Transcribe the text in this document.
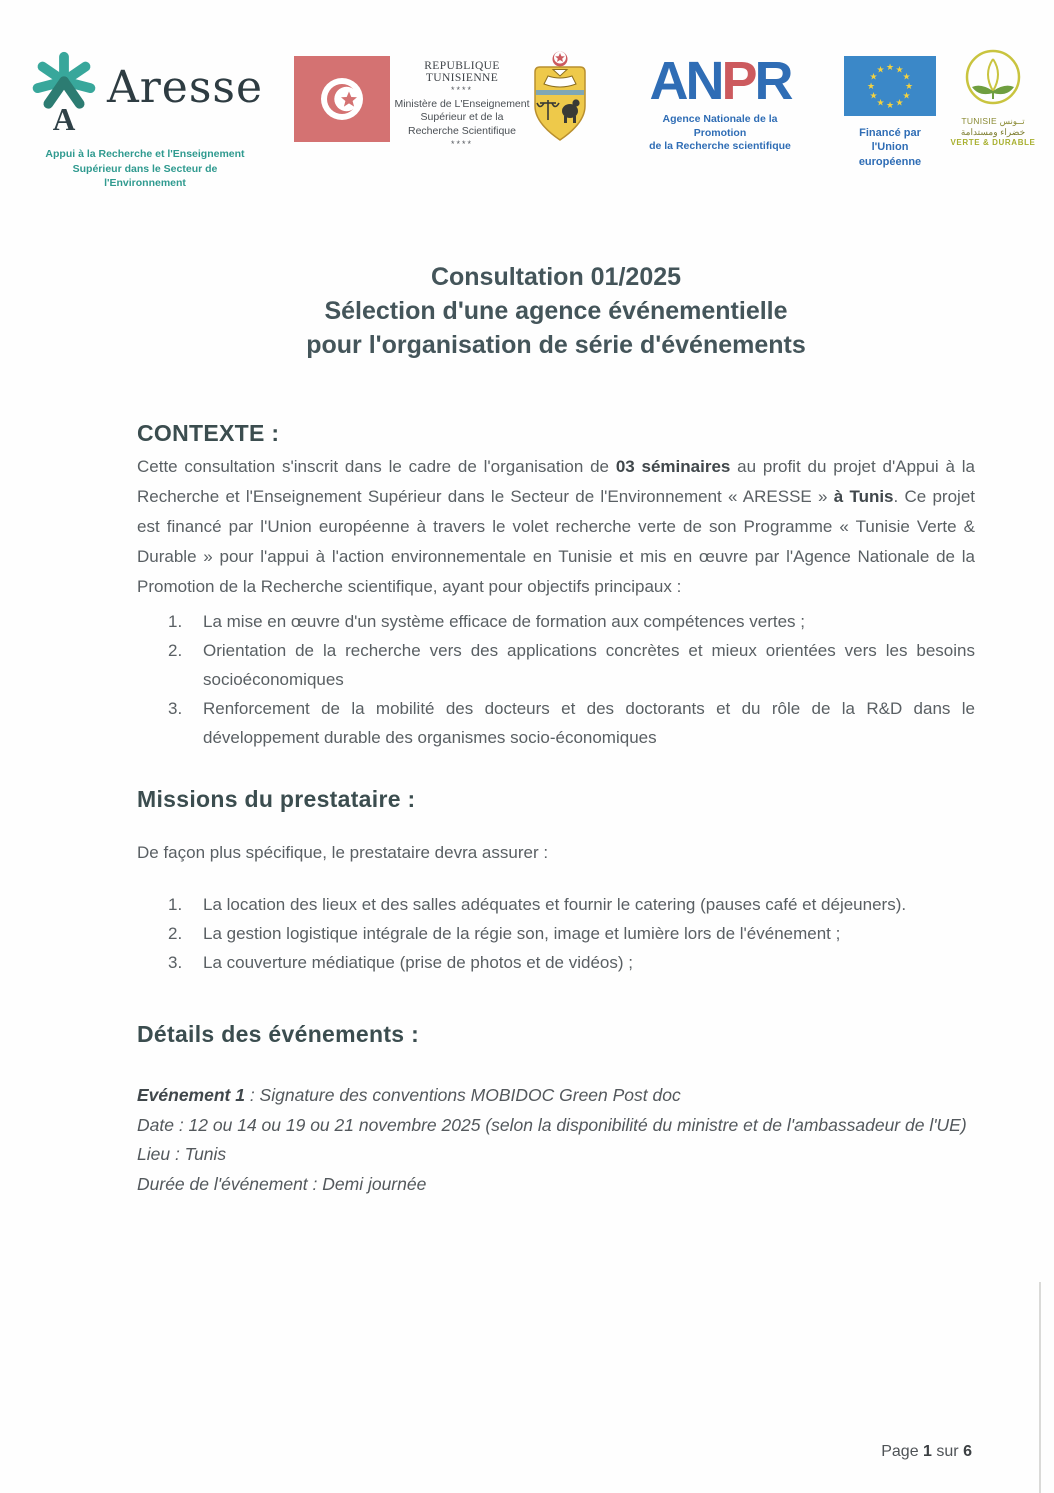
A
Aresse
Appui à la Recherche et l'Enseignement
Supérieur dans le Secteur de l'Environnement
REPUBLIQUE TUNISIENNE
****
Ministère de L'Enseignement
Supérieur et de la
Recherche Scientifique
****
ANPR
Agence Nationale de la Promotion
de la Recherche scientifique
★ ★
★
★
★
★
★
★
★
★
★
★
Financé par
l'Union européenne
TUNISIE تــونس
خضراء ومستدامة
VERTE & DURABLE
Consultation 01/2025
Sélection d'une agence événementielle
pour l'organisation de série d'événements
CONTEXTE :

Cette consultation s'inscrit dans le cadre de l'organisation de 03 séminaires au profit du projet d'Appui à la Recherche et l'Enseignement Supérieur dans le Secteur de l'Environnement « ARESSE » à Tunis. Ce projet est financé par l'Union européenne à travers le volet recherche verte de son Programme « Tunisie Verte & Durable » pour l'appui à l'action environnementale en Tunisie et mis en œuvre par l'Agence Nationale de la Promotion de la Recherche scientifique, ayant pour objectifs principaux :

La mise en œuvre d'un système efficace de formation aux compétences vertes ;
Orientation de la recherche vers des applications concrètes et mieux orientées vers les besoins socioéconomiques
Renforcement de la mobilité des docteurs et des doctorants et du rôle de la R&D dans le développement durable des organismes socio-économiques
Missions du prestataire :

De façon plus spécifique, le prestataire devra assurer :

La location des lieux et des salles adéquates et fournir le catering (pauses café et déjeuners).
La gestion logistique intégrale de la régie son, image et lumière lors de l'événement ;
La couverture médiatique (prise de photos et de vidéos) ;
Détails des événements :
Evénement 1 : Signature des conventions MOBIDOC Green Post doc
Date : 12 ou 14 ou 19 ou 21 novembre 2025 (selon la disponibilité du ministre et de l'ambassadeur de l'UE)
Lieu : Tunis
Durée de l'événement : Demi journée
Page 1 sur 6
